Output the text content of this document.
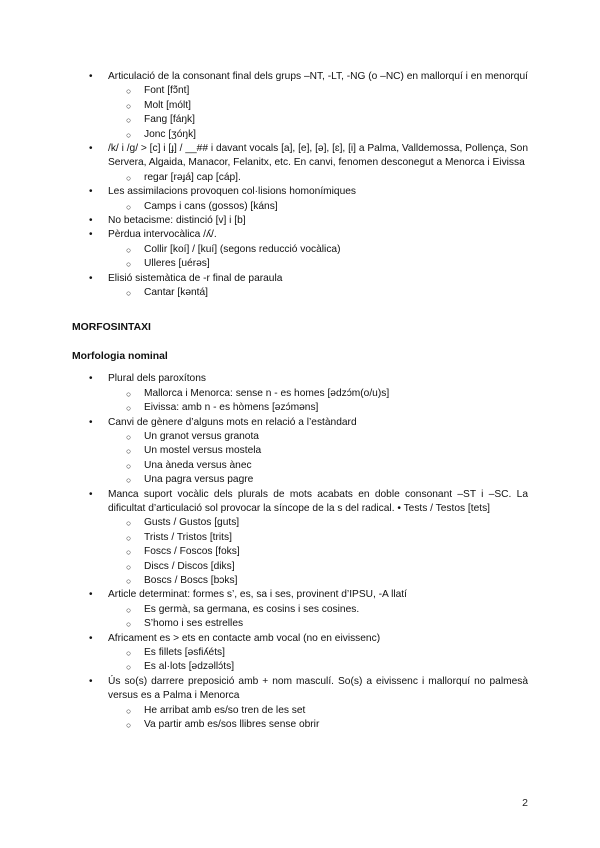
• Articulació de la consonant final dels grups –NT, -LT, -NG (o –NC) en mallorquí i en menorquí
○ Font [fɔ̃nt]
○ Molt [mólt]
○ Fang [fáŋk]
○ Jonc [ʒóŋk]
• /k/ i /g/ > [c] i [ɟ] / __## i davant vocals [a], [e], [ə], [ɛ], [i] a Palma, Valldemossa, Pollença, Son Servera, Algaida, Manacor, Felanitx, etc. En canvi, fenomen desconegut a Menorca i Eivissa
○ regar [rəɟá] cap [cáp].
• Les assimilacions provoquen col·lisions homonímiques
○ Camps i cans (gossos) [káns]
• No betacisme: distinció [v] i [b]
• Pèrdua intervocàlica /ʎ/.
○ Collir [koí] / [kuí] (segons reducció vocàlica)
○ Ulleres [uérəs]
• Elisió sistemàtica de -r final de paraula
○ Cantar [kəntá]
MORFOSINTAXI
Morfologia nominal
• Plural dels paroxítons
○ Mallorca i Menorca: sense n - es homes [ədzɔ́m(o/u)s]
○ Eivissa: amb n - es hòmens [əzɔ́məns]
• Canvi de gènere d’alguns mots en relació a l’estàndard
○ Un granot versus granota
○ Un mostel versus mostela
○ Una àneda versus ànec
○ Una pagra versus pagre
• Manca suport vocàlic dels plurals de mots acabats en doble consonant –ST i –SC. La dificultat d’articulació sol provocar la síncope de la s del radical. • Tests / Testos [tets]
○ Gusts / Gustos [guts]
○ Trists / Tristos [trits]
○ Foscs / Foscos [foks]
○ Discs / Discos [diks]
○ Boscs / Boscs [bɔks]
• Article determinat: formes s’, es, sa i ses, provinent d’IPSU, -A llatí
○ Es germà, sa germana, es cosins i ses cosines.
○ S’homo i ses estrelles
• Africament es > ets en contacte amb vocal (no en eivissenc)
○ Es fillets [əsfiʎéts]
○ Es al·lots [ədzəllɔ́ts]
• Ús so(s) darrere preposició amb + nom masculí. So(s) a eivissenc i mallorquí no palmesà versus es a Palma i Menorca
○ He arribat amb es/so tren de les set
○ Va partir amb es/sos llibres sense obrir
2
